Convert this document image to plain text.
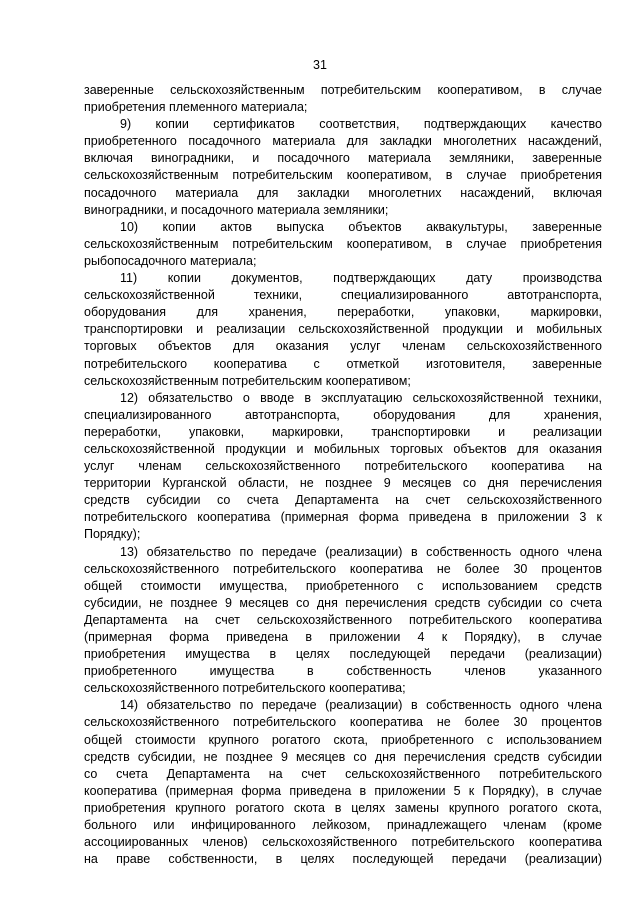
31
заверенные сельскохозяйственным потребительским кооперативом, в случае
приобретения племенного материала;
9) копии сертификатов соответствия, подтверждающих качество
приобретенного посадочного материала для закладки многолетних насаждений,
включая виноградники, и посадочного материала земляники, заверенные
сельскохозяйственным потребительским кооперативом, в случае приобретения
посадочного материала для закладки многолетних насаждений, включая
виноградники, и посадочного материала земляники;
10) копии актов выпуска объектов аквакультуры, заверенные
сельскохозяйственным потребительским кооперативом, в случае приобретения
рыбопосадочного материала;
11) копии документов, подтверждающих дату производства
сельскохозяйственной техники, специализированного автотранспорта,
оборудования для хранения, переработки, упаковки, маркировки,
транспортировки и реализации сельскохозяйственной продукции и мобильных
торговых объектов для оказания услуг членам сельскохозяйственного
потребительского кооператива с отметкой изготовителя, заверенные
сельскохозяйственным потребительским кооперативом;
12) обязательство о вводе в эксплуатацию сельскохозяйственной техники,
специализированного автотранспорта, оборудования для хранения,
переработки, упаковки, маркировки, транспортировки и реализации
сельскохозяйственной продукции и мобильных торговых объектов для оказания
услуг членам сельскохозяйственного потребительского кооператива на
территории Курганской области, не позднее 9 месяцев со дня перечисления
средств субсидии со счета Департамента на счет сельскохозяйственного
потребительского кооператива (примерная форма приведена в приложении 3 к
Порядку);
13) обязательство по передаче (реализации) в собственность одного члена
сельскохозяйственного потребительского кооператива не более 30 процентов
общей стоимости имущества, приобретенного с использованием средств
субсидии, не позднее 9 месяцев со дня перечисления средств субсидии со счета
Департамента на счет сельскохозяйственного потребительского кооператива
(примерная форма приведена в приложении 4 к Порядку), в случае
приобретения имущества в целях последующей передачи (реализации)
приобретенного имущества в собственность членов указанного
сельскохозяйственного потребительского кооператива;
14) обязательство по передаче (реализации) в собственность одного члена
сельскохозяйственного потребительского кооператива не более 30 процентов
общей стоимости крупного рогатого скота, приобретенного с использованием
средств субсидии, не позднее 9 месяцев со дня перечисления средств субсидии
со счета Департамента на счет сельскохозяйственного потребительского
кооператива (примерная форма приведена в приложении 5 к Порядку), в случае
приобретения крупного рогатого скота в целях замены крупного рогатого скота,
больного или инфицированного лейкозом, принадлежащего членам (кроме
ассоциированных членов) сельскохозяйственного потребительского кооператива
на праве собственности, в целях последующей передачи (реализации)
